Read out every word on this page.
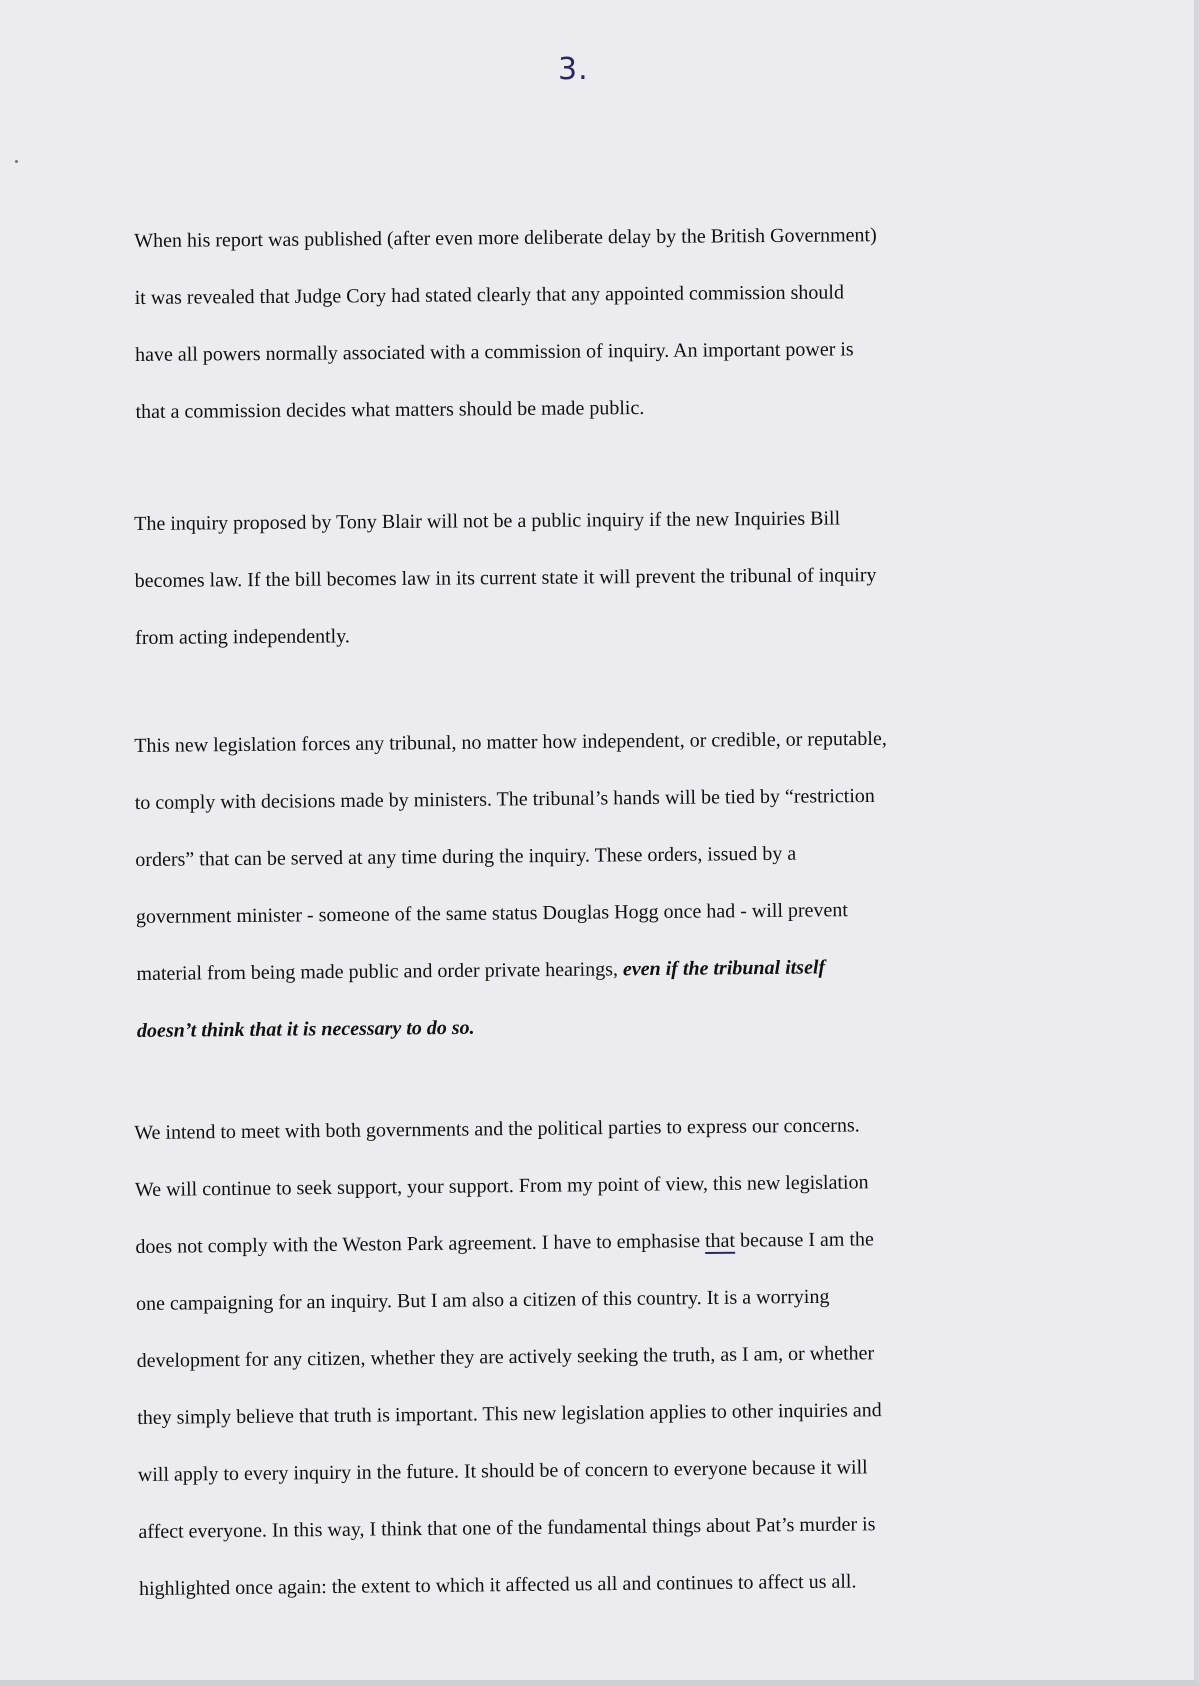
3.

When his report was published (after even more deliberate delay by the British Government)
it was revealed that Judge Cory had stated clearly that any appointed commission should
have all powers normally associated with a commission of inquiry. An important power is
that a commission decides what matters should be made public.

The inquiry proposed by Tony Blair will not be a public inquiry if the new Inquiries Bill
becomes law. If the bill becomes law in its current state it will prevent the tribunal of inquiry
from acting independently.

This new legislation forces any tribunal, no matter how independent, or credible, or reputable,
to comply with decisions made by ministers. The tribunal’s hands will be tied by “restriction
orders” that can be served at any time during the inquiry. These orders, issued by a
government minister - someone of the same status Douglas Hogg once had - will prevent
material from being made public and order private hearings, even if the tribunal itself
doesn’t think that it is necessary to do so.

We intend to meet with both governments and the political parties to express our concerns.
We will continue to seek support, your support. From my point of view, this new legislation
does not comply with the Weston Park agreement. I have to emphasise that because I am the
one campaigning for an inquiry. But I am also a citizen of this country. It is a worrying
development for any citizen, whether they are actively seeking the truth, as I am, or whether
they simply believe that truth is important. This new legislation applies to other inquiries and
will apply to every inquiry in the future. It should be of concern to everyone because it will
affect everyone. In this way, I think that one of the fundamental things about Pat’s murder is
highlighted once again: the extent to which it affected us all and continues to affect us all.
